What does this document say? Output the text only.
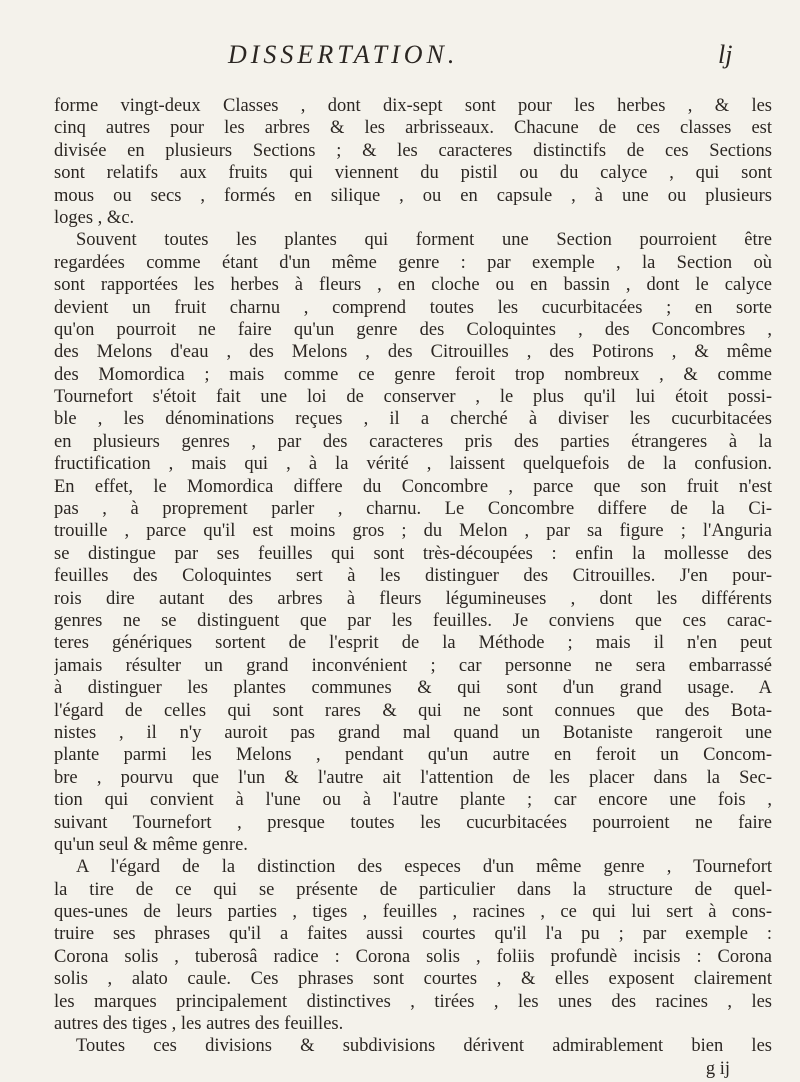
DISSERTATION.	lj
forme vingt-deux Classes , dont dix-sept sont pour les herbes , & les
cinq autres pour les arbres & les arbrisseaux. Chacune de ces classes est
divisée en plusieurs Sections ; & les caracteres distinctifs de ces Sections
sont relatifs aux fruits qui viennent du pistil ou du calyce , qui sont
mous ou secs , formés en silique , ou en capsule , à une ou plusieurs
loges , &c.
Souvent toutes les plantes qui forment une Section pourroient être
regardées comme étant d'un même genre : par exemple , la Section où
sont rapportées les herbes à fleurs , en cloche ou en bassin , dont le calyce
devient un fruit charnu , comprend toutes les cucurbitacées ; en sorte
qu'on pourroit ne faire qu'un genre des Coloquintes , des Concombres ,
des Melons d'eau , des Melons , des Citrouilles , des Potirons , & même
des Momordica ; mais comme ce genre feroit trop nombreux , & comme
Tournefort s'étoit fait une loi de conserver , le plus qu'il lui étoit possi-
ble , les dénominations reçues , il a cherché à diviser les cucurbitacées
en plusieurs genres , par des caracteres pris des parties étrangeres à la
fructification , mais qui , à la vérité , laissent quelquefois de la confusion.
En effet, le Momordica differe du Concombre , parce que son fruit n'est
pas , à proprement parler , charnu. Le Concombre differe de la Ci-
trouille , parce qu'il est moins gros ; du Melon , par sa figure ; l'Anguria
se distingue par ses feuilles qui sont très-découpées : enfin la mollesse des
feuilles des Coloquintes sert à les distinguer des Citrouilles. J'en pour-
rois dire autant des arbres à fleurs légumineuses , dont les différents
genres ne se distinguent que par les feuilles. Je conviens que ces carac-
teres génériques sortent de l'esprit de la Méthode ; mais il n'en peut
jamais résulter un grand inconvénient ; car personne ne sera embarrassé
à distinguer les plantes communes & qui sont d'un grand usage. A
l'égard de celles qui sont rares & qui ne sont connues que des Bota-
nistes , il n'y auroit pas grand mal quand un Botaniste rangeroit une
plante parmi les Melons , pendant qu'un autre en feroit un Concom-
bre , pourvu que l'un & l'autre ait l'attention de les placer dans la Sec-
tion qui convient à l'une ou à l'autre plante ; car encore une fois ,
suivant Tournefort , presque toutes les cucurbitacées pourroient ne faire
qu'un seul & même genre.
A l'égard de la distinction des especes d'un même genre , Tournefort
la tire de ce qui se présente de particulier dans la structure de quel-
ques-unes de leurs parties , tiges , feuilles , racines , ce qui lui sert à cons-
truire ses phrases qu'il a faites aussi courtes qu'il l'a pu ; par exemple :
Corona solis , tuberosâ radice : Corona solis , foliis profundè incisis : Corona
solis , alato caule. Ces phrases sont courtes , & elles exposent clairement
les marques principalement distinctives , tirées , les unes des racines , les
autres des tiges , les autres des feuilles.
Toutes ces divisions & subdivisions dérivent admirablement bien les
g ij
